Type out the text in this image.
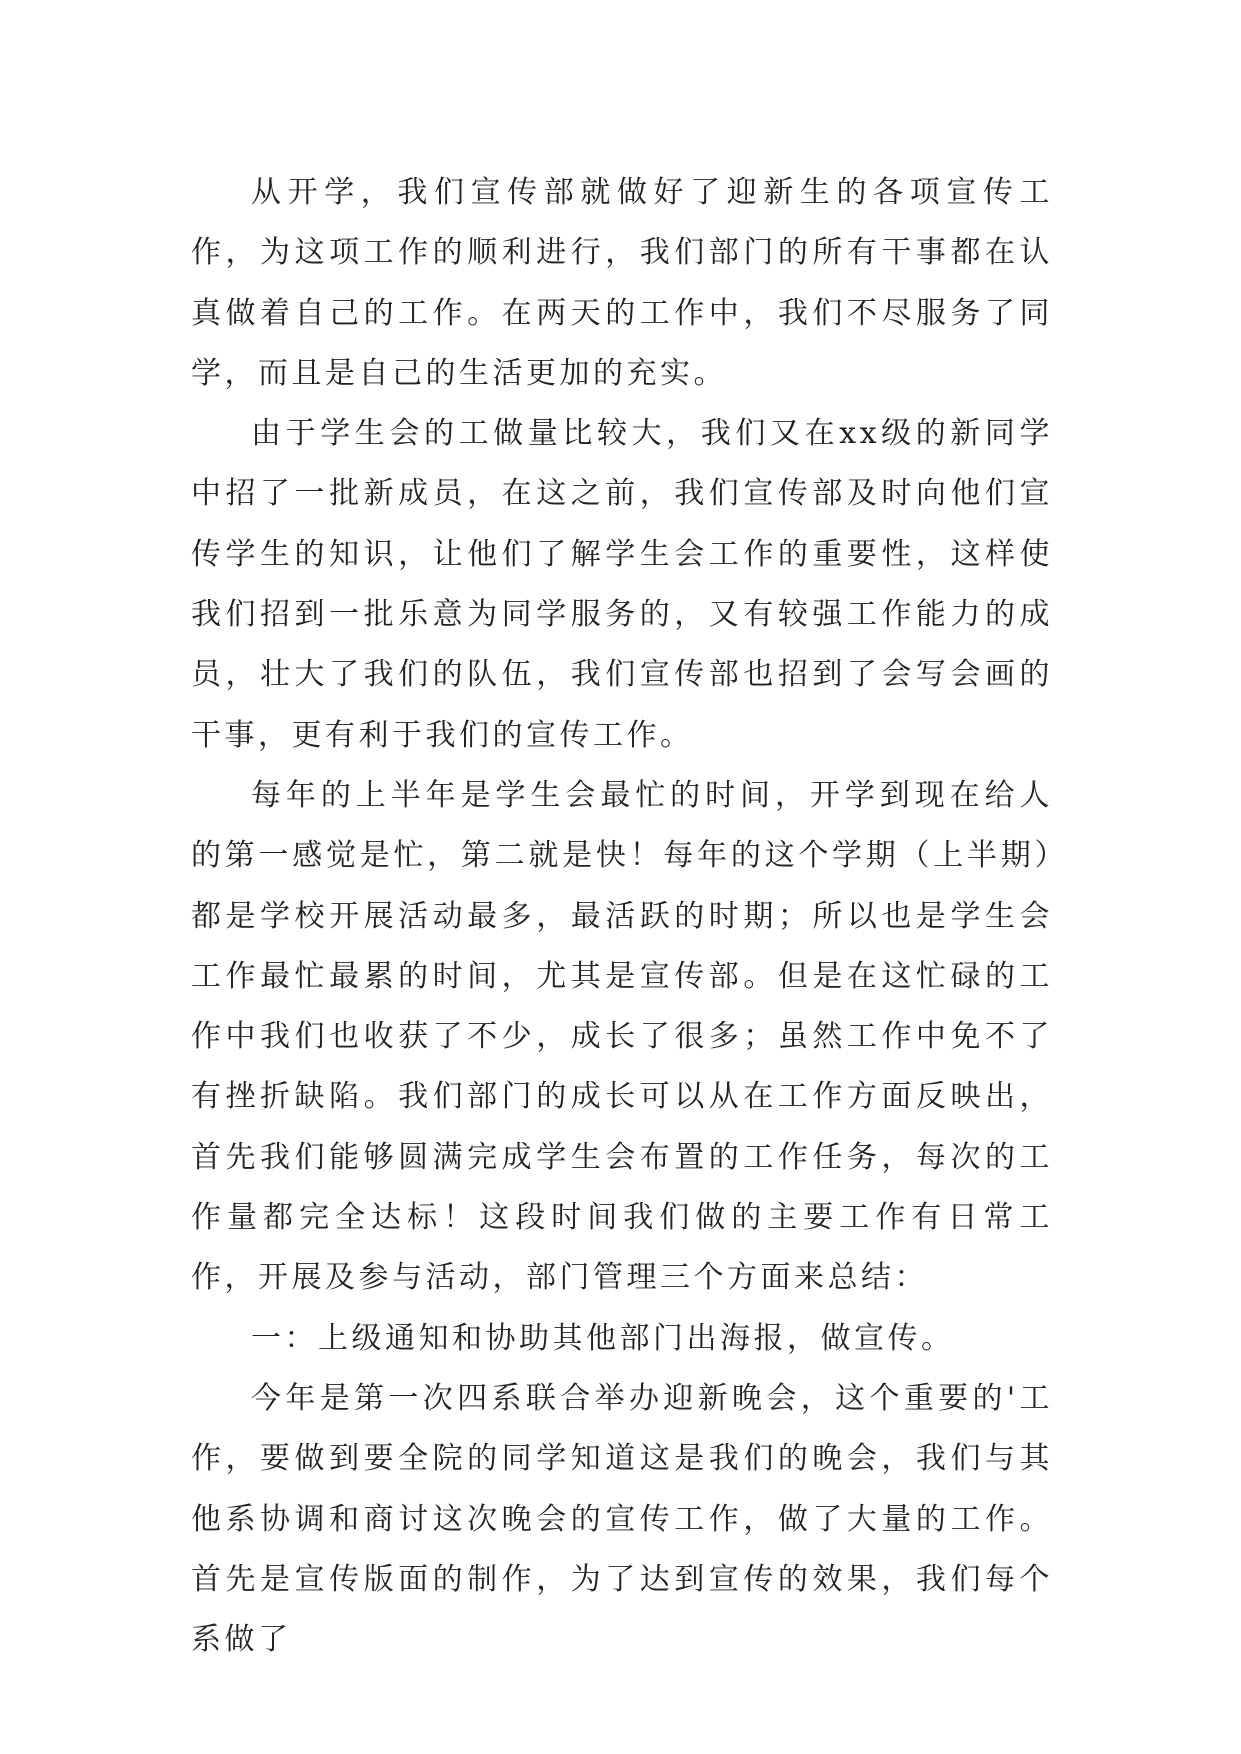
从开学，我们宣传部就做好了迎新生的各项宣传工作，为这项工作的顺利进行，我们部门的所有干事都在认真做着自己的工作。在两天的工作中，我们不尽服务了同学，而且是自己的生活更加的充实。

由于学生会的工做量比较大，我们又在xx级的新同学中招了一批新成员，在这之前，我们宣传部及时向他们宣传学生的知识，让他们了解学生会工作的重要性，这样使我们招到一批乐意为同学服务的，又有较强工作能力的成员，壮大了我们的队伍，我们宣传部也招到了会写会画的干事，更有利于我们的宣传工作。

每年的上半年是学生会最忙的时间，开学到现在给人的第一感觉是忙，第二就是快！每年的这个学期（上半期）都是学校开展活动最多，最活跃的时期；所以也是学生会工作最忙最累的时间，尤其是宣传部。但是在这忙碌的工作中我们也收获了不少，成长了很多；虽然工作中免不了有挫折缺陷。我们部门的成长可以从在工作方面反映出，首先我们能够圆满完成学生会布置的工作任务，每次的工作量都完全达标！这段时间我们做的主要工作有日常工作，开展及参与活动，部门管理三个方面来总结：

一：上级通知和协助其他部门出海报，做宣传。

今年是第一次四系联合举办迎新晚会，这个重要的'工作，要做到要全院的同学知道这是我们的晚会，我们与其他系协调和商讨这次晚会的宣传工作，做了大量的工作。首先是宣传版面的制作，为了达到宣传的效果，我们每个系做了
